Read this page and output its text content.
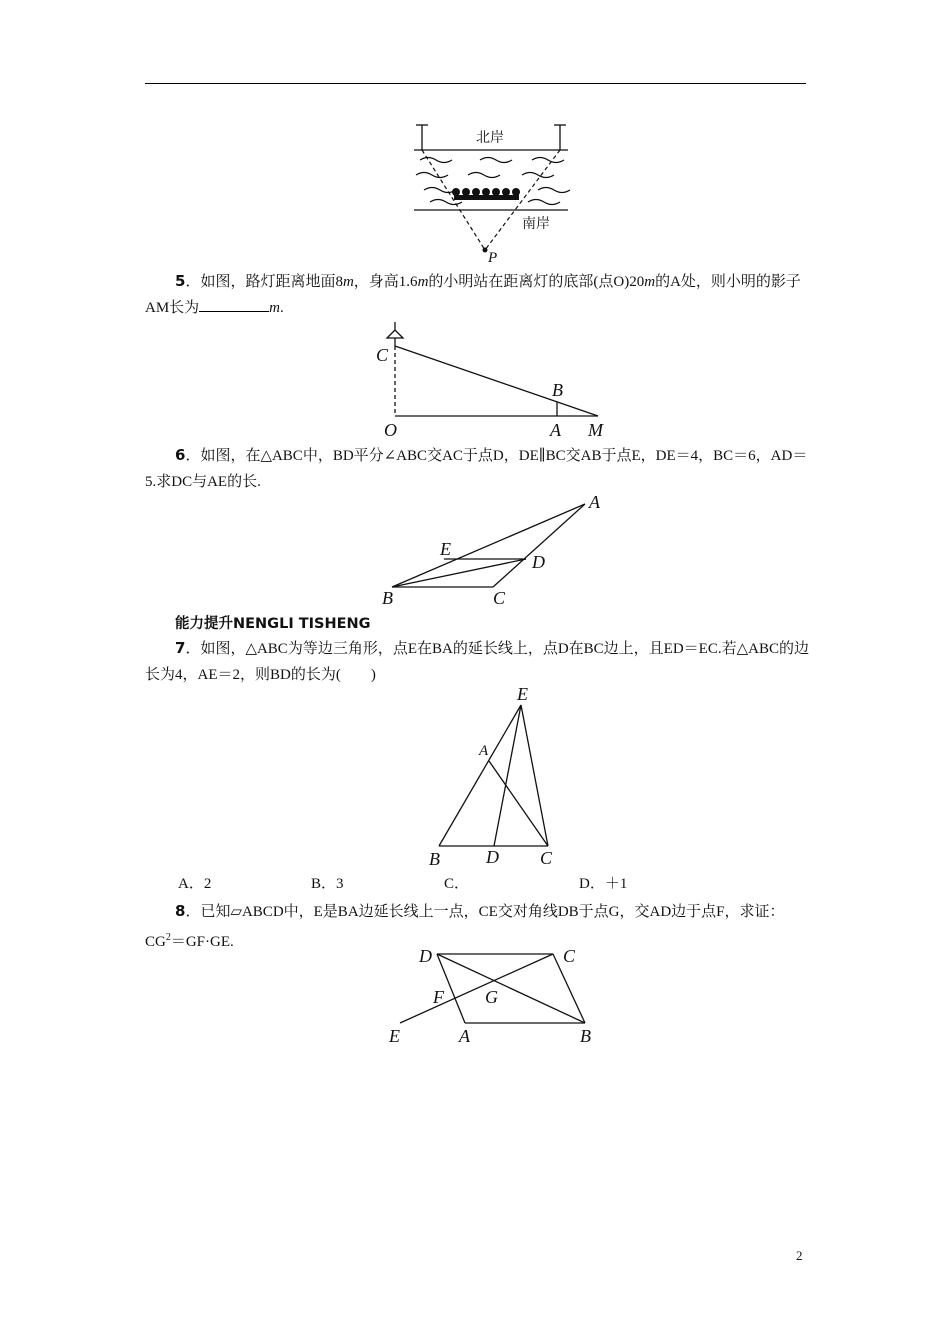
北岸
南岸
P
5．如图，路灯距离地面8m，身高1.6m的小明站在距离灯的底部(点O)20m的A处，则小明的影子AM长为	m.
C
B
O	A M
6．如图，在△ABC中，BD平分∠ABC交AC于点D，DE∥BC交AB于点E，DE＝4，BC＝6，AD＝5.求DC与AE的长.
A
E
D
B	C
能力提升NENGLI TISHENG
7．如图，△ABC为等边三角形，点E在BA的延长线上，点D在BC边上，且ED＝EC.若△ABC的边长为4，AE＝2，则BD的长为( )
E
A
B	D C
A．2	B．3	C．	D．＋1
8．已知▱ABCD中，E是BA边延长线上一点，CE交对角线DB于点G，交AD边于点F，求证：$CG^2=GF\cdot GE$.
D	C
F G
E	A	B
2
